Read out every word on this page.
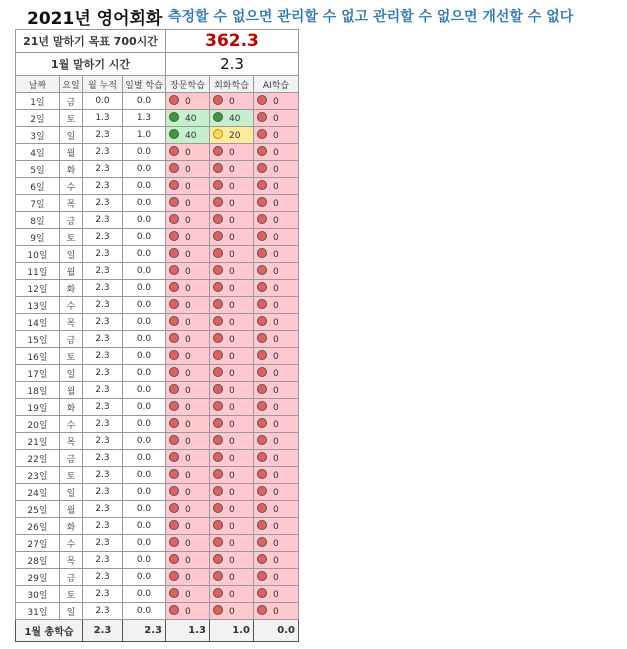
2021년 영어회화 측정할 수 없으면 관리할 수 없고 관리할 수 없으면 개선할 수 없다
21년 말하기 목표 700시간				362.3		
1월 말하기 시간				2.3		
날짜	요일	월 누적	일별 학습	장문학습	회화학습	AI학습
1일	금	0.0	0.0	0	0	0
2일	토	1.3	1.3	40	40	0
3일	일	2.3	1.0	40	20	0
4일	월	2.3	0.0	0	0	0
5일	화	2.3	0.0	0	0	0
6일	수	2.3	0.0	0	0	0
7일	목	2.3	0.0	0	0	0
8일	금	2.3	0.0	0	0	0
9일	토	2.3	0.0	0	0	0
10일	일	2.3	0.0	0	0	0
11일	월	2.3	0.0	0	0	0
12일	화	2.3	0.0	0	0	0
13일	수	2.3	0.0	0	0	0
14일	목	2.3	0.0	0	0	0
15일	금	2.3	0.0	0	0	0
16일	토	2.3	0.0	0	0	0
17일	일	2.3	0.0	0	0	0
18일	월	2.3	0.0	0	0	0
19일	화	2.3	0.0	0	0	0
20일	수	2.3	0.0	0	0	0
21일	목	2.3	0.0	0	0	0
22일	금	2.3	0.0	0	0	0
23일	토	2.3	0.0	0	0	0
24일	일	2.3	0.0	0	0	0
25일	월	2.3	0.0	0	0	0
26일	화	2.3	0.0	0	0	0
27일	수	2.3	0.0	0	0	0
28일	목	2.3	0.0	0	0	0
29일	금	2.3	0.0	0	0	0
30일	토	2.3	0.0	0	0	0
31일	일	2.3	0.0	0	0	0
1월 총학습		2.3	2.3	1.3	1.0	0.0
